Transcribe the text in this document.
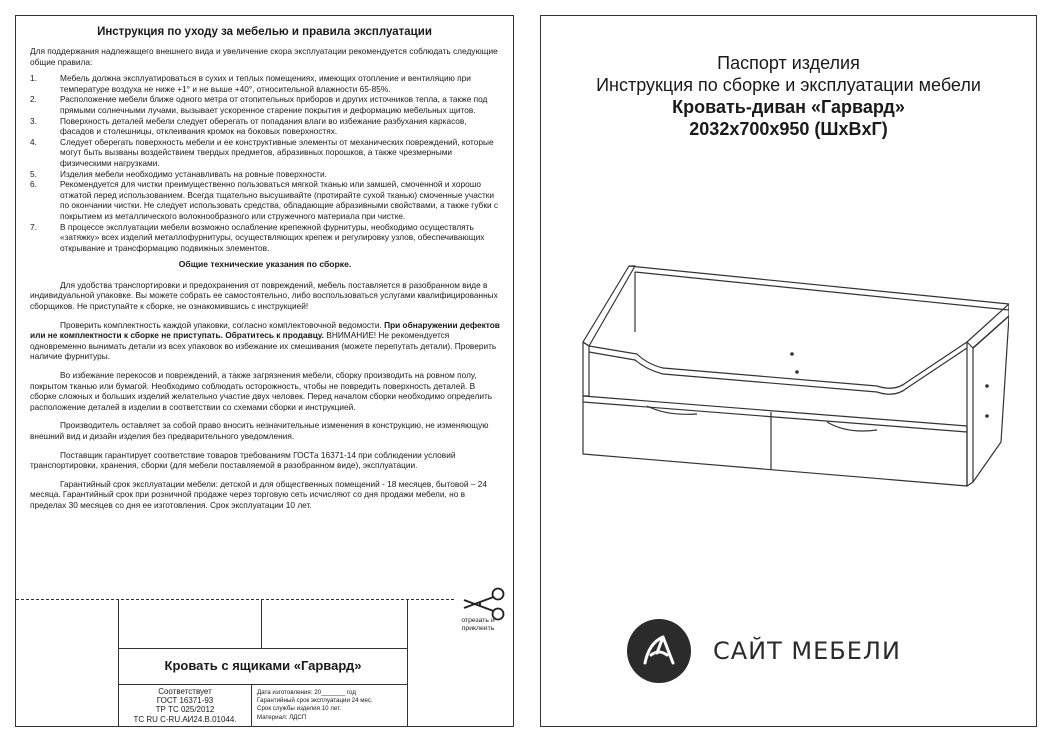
Инструкция по уходу за мебелью и правила эксплуатации

Для поддержания надлежащего внешнего вида и увеличение скора эксплуатации рекомендуется соблюдать следующие общие правила:

1.	Мебель должна эксплуатироваться в сухих и теплых помещениях, имеющих отопление и вентиляцию при температуре воздуха не ниже +1° и не выше +40°, относительной влажности 65-85%.
2.	Расположение мебели ближе одного метра от отопительных приборов и других источников тепла, а также под прямыми солнечными лучами, вызывает ускоренное старение покрытия и деформацию мебельных щитов.
3.	Поверхность деталей мебели следует оберегать от попадания влаги во избежание разбухания каркасов, фасадов и столешницы, отклеивания кромок на боковых поверхностях.
4.	Следует оберегать поверхность мебели и ее конструктивные элементы от механических повреждений, которые могут быть вызваны воздействием твердых предметов, абразивных порошков, а также чрезмерными физическими нагрузками.
5.	Изделия мебели необходимо устанавливать на ровные поверхности.
6.	Рекомендуется для чистки преимущественно пользоваться мягкой тканью или замшей, смоченной и хорошо отжатой перед использованием. Всегда тщательно высушивайте (протирайте сухой тканью) смоченные участки по окончании чистки. Не следует использовать средства, обладающие абразивными свойствами, а также губки с покрытием из металлического волокнообразного или стружечного материала при чистке.
7.	В процессе эксплуатации мебели возможно ослабление крепежной фурнитуры, необходимо осуществлять «затяжку» всех изделий металлофурнитуры, осуществляющих крепеж и регулировку узлов, обеспечивающих открывание и трансформацию подвижных элементов.

Общие технические указания по сборке.

Для удобства транспортировки и предохранения от повреждений, мебель поставляется в разобранном виде в индивидуальной упаковке. Вы можете собрать ее самостоятельно, либо воспользоваться услугами квалифицированных сборщиков. Не приступайте к сборке, не ознакомившись с инструкцией!

Проверить комплектность каждой упаковки, согласно комплектовочной ведомости. При обнаружении дефектов или не комплектности к сборке не приступать. Обратитесь к продавцу. ВНИМАНИЕ! Не рекомендуется одновременно вынимать детали из всех упаковок во избежание их смешивания (можете перепутать детали). Проверить наличие фурнитуры.

Во избежание перекосов и повреждений, а также загрязнения мебели, сборку производить на ровном полу, покрытом тканью или бумагой. Необходимо соблюдать осторожность, чтобы не повредить поверхность деталей. В сборке сложных и больших изделий желательно участие двух человек. Перед началом сборки необходимо определить расположение деталей в изделии в соответствии со схемами сборки и инструкцией.

Производитель оставляет за собой право вносить незначительные изменения в конструкцию, не изменяющую внешний вид и дизайн изделия без предварительного уведомления.

Поставщик гарантирует соответствие товаров требованиям ГОСТа 16371-14 при соблюдении условий транспортировки, хранения, сборки (для мебели поставляемой в разобранном виде), эксплуатации.

Гарантийный срок эксплуатации мебели: детской и для общественных помещений - 18 месяцев, бытовой – 24 месяца. Гарантийный срок при розничной продаже через торговую сеть исчисляют со дня продажи мебели, но в пределах 30 месяцев со дня ее изготовления. Срок эксплуатации 10 лет.

отрезать и
приклеить
Кровать с ящиками «Гарвард»
Соответствует
ГОСТ 16371-93
ТР ТС 025/2012
TC RU C-RU.AИ24.B.01044.
Дата изготовления: 20_______ год
Гарантийный срок эксплуатации 24 мес.
Срок службы изделия 10 лет.
Материал: ЛДСП
Паспорт изделия
Инструкция по сборке и эксплуатации мебели
Кровать-диван «Гарвард»
2032x700x950 (ШxВxГ)
САЙТ МЕБЕЛИ
